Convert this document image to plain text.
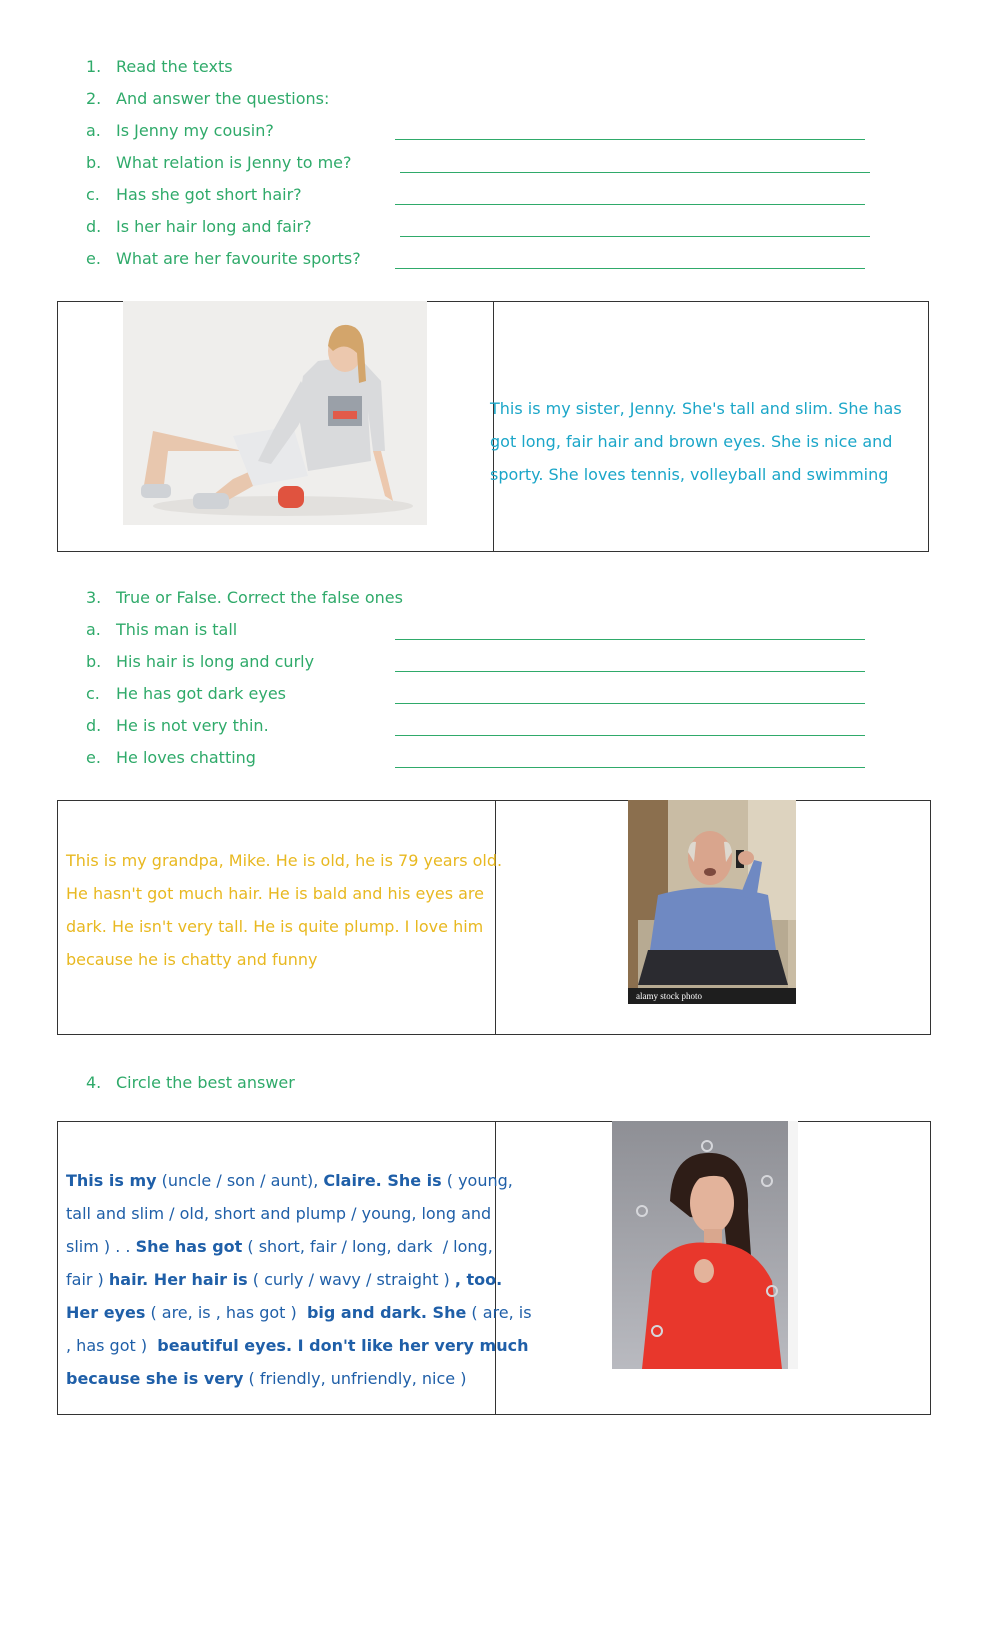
1. Read the texts
2. And answer the questions:
a. Is Jenny my cousin?
b. What relation is Jenny to me?
c. Has she got short hair?
d. Is her hair long and fair?
e. What are her favourite sports?
This is my sister, Jenny. She's tall and slim. She has
got long, fair hair and brown eyes. She is nice and
sporty. She loves tennis, volleyball and swimming
3. True or False. Correct the false ones
a. This man is tall
b. His hair is long and curly
c. He has got dark eyes
d. He is not very thin.
e. He loves chatting
This is my grandpa, Mike. He is old, he is 79 years old.
He hasn't got much hair. He is bald and his eyes are
dark. He isn't very tall. He is quite plump. I love him
because he is chatty and funny
alamy stock photo
4. Circle the best answer
This is my (uncle / son / aunt), Claire. She is ( young,
tall and slim / old, short and plump / young, long and
slim ) . . She has got ( short, fair / long, dark  / long,
fair ) hair. Her hair is ( curly / wavy / straight ) , too.
Her eyes ( are, is , has got )  big and dark. She ( are, is
, has got )  beautiful eyes. I don't like her very much
because she is very ( friendly, unfriendly, nice )
